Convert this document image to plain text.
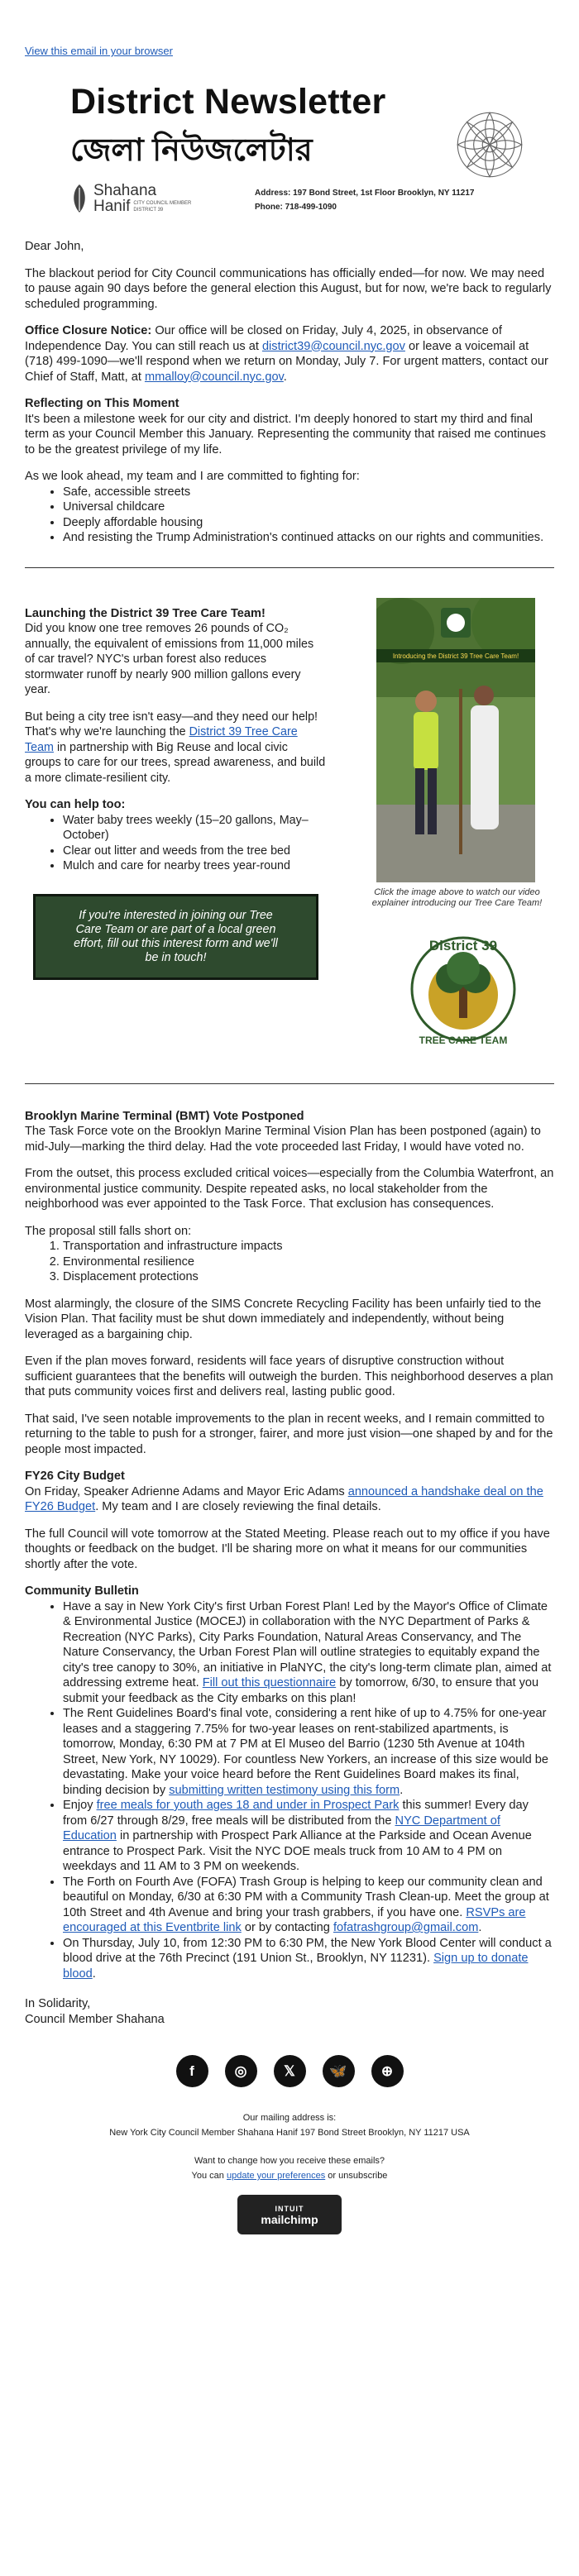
View this email in your browser
District Newsletter
জেলা নিউজলেটার
Shahana
Hanif CITY COUNCIL MEMBER
DISTRICT 39
Address: 197 Bond Street, 1st Floor Brooklyn, NY 11217
Phone: 718-499-1090

Dear John,

The blackout period for City Council communications has officially ended—for now. We may need to pause again 90 days before the general election this August, but for now, we're back to regularly scheduled programming.

Office Closure Notice: Our office will be closed on Friday, July 4, 2025, in observance of Independence Day. You can still reach us at district39@council.nyc.gov or leave a voicemail at (718) 499-1090—we'll respond when we return on Monday, July 7. For urgent matters, contact our Chief of Staff, Matt, at mmalloy@council.nyc.gov.

Reflecting on This Moment

It's been a milestone week for our city and district. I'm deeply honored to start my third and final term as your Council Member this January. Representing the community that raised me continues to be the greatest privilege of my life.

As we look ahead, my team and I are committed to fighting for:

• Safe, accessible streets
• Universal childcare
• Deeply affordable housing
• And resisting the Trump Administration's continued attacks on our rights and communities.
Launching the District 39 Tree Care Team!

Did you know one tree removes 26 pounds of CO₂ annually, the equivalent of emissions from 11,000 miles of car travel? NYC's urban forest also reduces stormwater runoff by nearly 900 million gallons every year.

But being a city tree isn't easy—and they need our help! That's why we're launching the District 39 Tree Care Team in partnership with Big Reuse and local civic groups to care for our trees, spread awareness, and build a more climate-resilient city.

You can help too:
• Water baby trees weekly (15–20 gallons, May–October)
• Clear out litter and weeds from the tree bed
• Mulch and care for nearby trees year-round
If you're interested in joining our Tree Care Team or are part of a local green effort, fill out this interest form and we'll be in touch!
Introducing the District 39 Tree Care Team!

Click the image above to watch our video explainer introducing our Tree Care Team!

District 39
TREE CARE TEAM
Brooklyn Marine Terminal (BMT) Vote Postponed

The Task Force vote on the Brooklyn Marine Terminal Vision Plan has been postponed (again) to mid-July—marking the third delay. Had the vote proceeded last Friday, I would have voted no.

From the outset, this process excluded critical voices—especially from the Columbia Waterfront, an environmental justice community. Despite repeated asks, no local stakeholder from the neighborhood was ever appointed to the Task Force. That exclusion has consequences.

The proposal still falls short on:

1. Transportation and infrastructure impacts
2. Environmental resilience
3. Displacement protections

Most alarmingly, the closure of the SIMS Concrete Recycling Facility has been unfairly tied to the Vision Plan. That facility must be shut down immediately and independently, without being leveraged as a bargaining chip.

Even if the plan moves forward, residents will face years of disruptive construction without sufficient guarantees that the benefits will outweigh the burden. This neighborhood deserves a plan that puts community voices first and delivers real, lasting public good.

That said, I've seen notable improvements to the plan in recent weeks, and I remain committed to returning to the table to push for a stronger, fairer, and more just vision—one shaped by and for the people most impacted.

FY26 City Budget

On Friday, Speaker Adrienne Adams and Mayor Eric Adams announced a handshake deal on the FY26 Budget. My team and I are closely reviewing the final details.

The full Council will vote tomorrow at the Stated Meeting. Please reach out to my office if you have thoughts or feedback on the budget. I'll be sharing more on what it means for our communities shortly after the vote.

Community Bulletin
• Have a say in New York City's first Urban Forest Plan! Led by the Mayor's Office of Climate & Environmental Justice (MOCEJ) in collaboration with the NYC Department of Parks & Recreation (NYC Parks), City Parks Foundation, Natural Areas Conservancy, and The Nature Conservancy, the Urban Forest Plan will outline strategies to equitably expand the city's tree canopy to 30%, an initiative in PlaNYC, the city's long-term climate plan, aimed at addressing extreme heat. Fill out this questionnaire by tomorrow, 6/30, to ensure that you submit your feedback as the City embarks on this plan!
• The Rent Guidelines Board's final vote, considering a rent hike of up to 4.75% for one-year leases and a staggering 7.75% for two-year leases on rent-stabilized apartments, is tomorrow, Monday, 6:30 PM at 7 PM at El Museo del Barrio (1230 5th Avenue at 104th Street, New York, NY 10029). For countless New Yorkers, an increase of this size would be devastating. Make your voice heard before the Rent Guidelines Board makes its final, binding decision by submitting written testimony using this form.
• Enjoy free meals for youth ages 18 and under in Prospect Park this summer! Every day from 6/27 through 8/29, free meals will be distributed from the NYC Department of Education in partnership with Prospect Park Alliance at the Parkside and Ocean Avenue entrance to Prospect Park. Visit the NYC DOE meals truck from 10 AM to 4 PM on weekdays and 11 AM to 3 PM on weekends.
• The Forth on Fourth Ave (FOFA) Trash Group is helping to keep our community clean and beautiful on Monday, 6/30 at 6:30 PM with a Community Trash Clean-up. Meet the group at 10th Street and 4th Avenue and bring your trash grabbers, if you have one. RSVPs are encouraged at this Eventbrite link or by contacting fofatrashgroup@gmail.com.
• On Thursday, July 10, from 12:30 PM to 6:30 PM, the New York Blood Center will conduct a blood drive at the 76th Precinct (191 Union St., Brooklyn, NY 11231). Sign up to donate blood.

In Solidarity,
Council Member Shahana

f	◎	𝕏	🦋	⊕
Our mailing address is:
New York City Council Member Shahana Hanif 197 Bond Street Brooklyn, NY 11217 USA
Want to change how you receive these emails?
You can update your preferences or unsubscribe
INTUIT
mailchimp
